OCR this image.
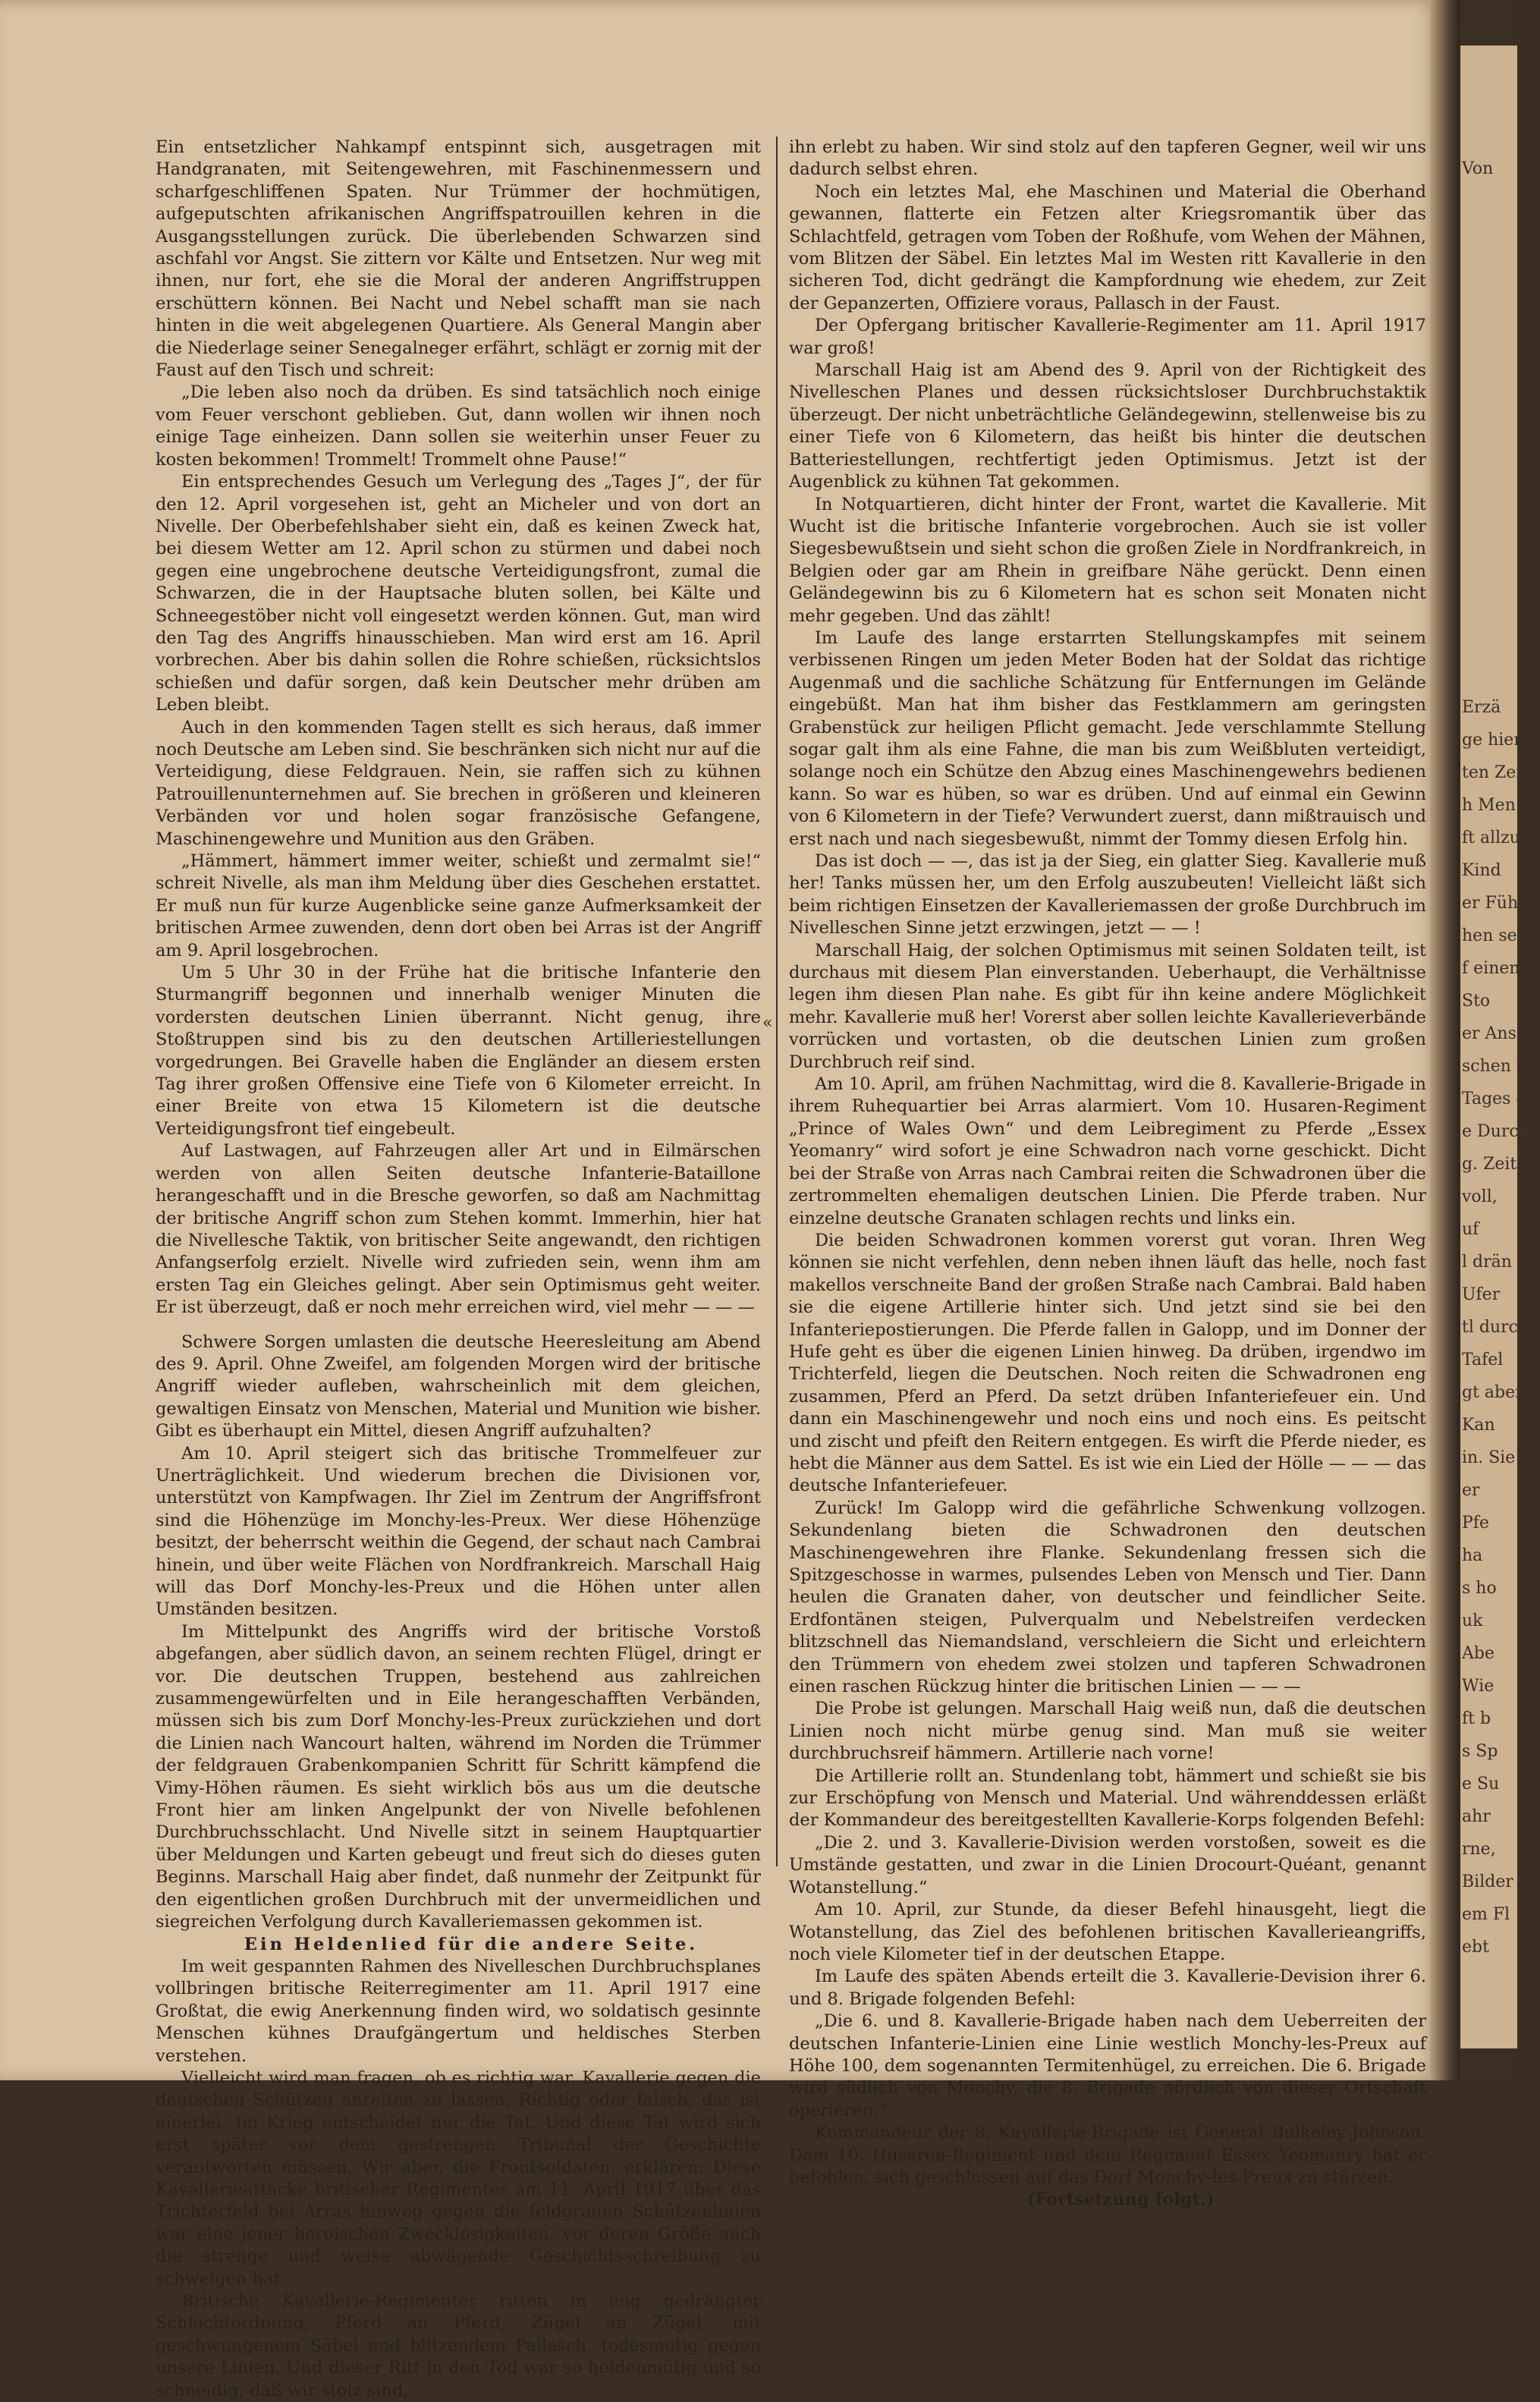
Ein entsetzlicher Nahkampf entspinnt sich, ausgetragen mit Handgranaten, mit Seitengewehren, mit Faschinenmessern und scharfgeschliffenen Spaten. Nur Trümmer der hochmütigen, aufgeputschten afrikanischen Angriffspatrouillen kehren in die Ausgangsstellungen zurück. Die überlebenden Schwarzen sind aschfahl vor Angst. Sie zittern vor Kälte und Entsetzen. Nur weg mit ihnen, nur fort, ehe sie die Moral der anderen Angriffstruppen erschüttern können. Bei Nacht und Nebel schafft man sie nach hinten in die weit abgelegenen Quartiere. Als General Mangin aber die Niederlage seiner Senegalneger erfährt, schlägt er zornig mit der Faust auf den Tisch und schreit:

„Die leben also noch da drüben. Es sind tatsächlich noch einige vom Feuer verschont geblieben. Gut, dann wollen wir ihnen noch einige Tage einheizen. Dann sollen sie weiterhin unser Feuer zu kosten bekommen! Trommelt! Trommelt ohne Pause!“

Ein entsprechendes Gesuch um Verlegung des „Tages J“, der für den 12. April vorgesehen ist, geht an Micheler und von dort an Nivelle. Der Oberbefehlshaber sieht ein, daß es keinen Zweck hat, bei diesem Wetter am 12. April schon zu stürmen und dabei noch gegen eine ungebrochene deutsche Verteidigungsfront, zumal die Schwarzen, die in der Hauptsache bluten sollen, bei Kälte und Schneegestöber nicht voll eingesetzt werden können. Gut, man wird den Tag des Angriffs hinausschieben. Man wird erst am 16. April vorbrechen. Aber bis dahin sollen die Rohre schießen, rücksichtslos schießen und dafür sorgen, daß kein Deutscher mehr drüben am Leben bleibt.

Auch in den kommenden Tagen stellt es sich heraus, daß immer noch Deutsche am Leben sind. Sie beschränken sich nicht nur auf die Verteidigung, diese Feldgrauen. Nein, sie raffen sich zu kühnen Patrouillenunternehmen auf. Sie brechen in größeren und kleineren Verbänden vor und holen sogar französische Gefangene, Maschinengewehre und Munition aus den Gräben.

„Hämmert, hämmert immer weiter, schießt und zermalmt sie!“ schreit Nivelle, als man ihm Meldung über dies Geschehen erstattet. Er muß nun für kurze Augenblicke seine ganze Aufmerksamkeit der britischen Armee zuwenden, denn dort oben bei Arras ist der Angriff am 9. April losgebrochen.

Um 5 Uhr 30 in der Frühe hat die britische Infanterie den Sturmangriff begonnen und innerhalb weniger Minuten die vordersten deutschen Linien überrannt. Nicht genug, ihre Stoßtruppen sind bis zu den deutschen Artilleriestellungen vorgedrungen. Bei Gravelle haben die Engländer an diesem ersten Tag ihrer großen Offensive eine Tiefe von 6 Kilometer erreicht. In einer Breite von etwa 15 Kilometern ist die deutsche Verteidigungsfront tief eingebeult.

Auf Lastwagen, auf Fahrzeugen aller Art und in Eilmärschen werden von allen Seiten deutsche Infanterie-Bataillone herangeschafft und in die Bresche geworfen, so daß am Nachmittag der britische Angriff schon zum Stehen kommt. Immerhin, hier hat die Nivellesche Taktik, von britischer Seite angewandt, den richtigen Anfangserfolg erzielt. Nivelle wird zufrieden sein, wenn ihm am ersten Tag ein Gleiches gelingt. Aber sein Optimismus geht weiter. Er ist überzeugt, daß er noch mehr erreichen wird, viel mehr — — —

Schwere Sorgen umlasten die deutsche Heeresleitung am Abend des 9. April. Ohne Zweifel, am folgenden Morgen wird der britische Angriff wieder aufleben, wahrscheinlich mit dem gleichen, gewaltigen Einsatz von Menschen, Material und Munition wie bisher. Gibt es überhaupt ein Mittel, diesen Angriff aufzuhalten?

Am 10. April steigert sich das britische Trommelfeuer zur Unerträglichkeit. Und wiederum brechen die Divisionen vor, unterstützt von Kampfwagen. Ihr Ziel im Zentrum der Angriffsfront sind die Höhenzüge im Monchy-les-Preux. Wer diese Höhenzüge besitzt, der beherrscht weithin die Gegend, der schaut nach Cambrai hinein, und über weite Flächen von Nordfrankreich. Marschall Haig will das Dorf Monchy-les-Preux und die Höhen unter allen Umständen besitzen.

Im Mittelpunkt des Angriffs wird der britische Vorstoß abgefangen, aber südlich davon, an seinem rechten Flügel, dringt er vor. Die deutschen Truppen, bestehend aus zahlreichen zusammengewürfelten und in Eile herangeschafften Verbänden, müssen sich bis zum Dorf Monchy-les-Preux zurückziehen und dort die Linien nach Wancourt halten, während im Norden die Trümmer der feldgrauen Grabenkompanien Schritt für Schritt kämpfend die Vimy-Höhen räumen. Es sieht wirklich bös aus um die deutsche Front hier am linken Angelpunkt der von Nivelle befohlenen Durchbruchsschlacht. Und Nivelle sitzt in seinem Hauptquartier über Meldungen und Karten gebeugt und freut sich do dieses guten Beginns. Marschall Haig aber findet, daß nunmehr der Zeitpunkt für den eigentlichen großen Durchbruch mit der unvermeidlichen und siegreichen Verfolgung durch Kavalleriemassen gekommen ist.

Ein Heldenlied für die andere Seite.

Im weit gespannten Rahmen des Nivelleschen Durchbruchsplanes vollbringen britische Reiterregimenter am 11. April 1917 eine Großtat, die ewig Anerkennung finden wird, wo soldatisch gesinnte Menschen kühnes Draufgängertum und heldisches Sterben verstehen.

Vielleicht wird man fragen, ob es richtig war, Kavallerie gegen die deutschen Schützen anreiten zu lassen. Richtig oder falsch, das ist einerlei. Im Krieg entscheidet nur die Tat. Und diese Tat wird sich erst später vor dem gestrengen Tribunal der Geschichte verantworten müssen. Wir aber, die Frontsoldaten, erklären: Diese Kavallerieattacke britischer Regimenter am 11. April 1917 über das Trichterfeld bei Arras hinweg gegen die feldgrauen Schützenlinien war eine jener heroischen Zwecklosigkeiten, vor deren Größe auch die strenge und weise abwägende Geschichtsschreibung zu schweigen hat.

Britische Kavallerie-Regimenter ritten in eng gedrängter Schlachtordnung, Pferd an Pferd, Zügel an Zügel, mit geschwungenem Säbel und blitzendem Pallasch, todesmutig gegen unsere Linien. Und dieser Ritt in den Tod war so heldenmütig und so schneidig, daß wir stolz sind,

ihn erlebt zu haben. Wir sind stolz auf den tapferen Gegner, weil wir uns dadurch selbst ehren.

Noch ein letztes Mal, ehe Maschinen und Material die Oberhand gewannen, flatterte ein Fetzen alter Kriegsromantik über das Schlachtfeld, getragen vom Toben der Roßhufe, vom Wehen der Mähnen, vom Blitzen der Säbel. Ein letztes Mal im Westen ritt Kavallerie in den sicheren Tod, dicht gedrängt die Kampfordnung wie ehedem, zur Zeit der Gepanzerten, Offiziere voraus, Pallasch in der Faust.

Der Opfergang britischer Kavallerie-Regimenter am 11. April 1917 war groß!

Marschall Haig ist am Abend des 9. April von der Richtigkeit des Nivelleschen Planes und dessen rücksichtsloser Durchbruchstaktik überzeugt. Der nicht unbeträchtliche Geländegewinn, stellenweise bis zu einer Tiefe von 6 Kilometern, das heißt bis hinter die deutschen Batteriestellungen, rechtfertigt jeden Optimismus. Jetzt ist der Augenblick zu kühnen Tat gekommen.

In Notquartieren, dicht hinter der Front, wartet die Kavallerie. Mit Wucht ist die britische Infanterie vorgebrochen. Auch sie ist voller Siegesbewußtsein und sieht schon die großen Ziele in Nordfrankreich, in Belgien oder gar am Rhein in greifbare Nähe gerückt. Denn einen Geländegewinn bis zu 6 Kilometern hat es schon seit Monaten nicht mehr gegeben. Und das zählt!

Im Laufe des lange erstarrten Stellungskampfes mit seinem verbissenen Ringen um jeden Meter Boden hat der Soldat das richtige Augenmaß und die sachliche Schätzung für Entfernungen im Gelände eingebüßt. Man hat ihm bisher das Festklammern am geringsten Grabenstück zur heiligen Pflicht gemacht. Jede verschlammte Stellung sogar galt ihm als eine Fahne, die man bis zum Weißbluten verteidigt, solange noch ein Schütze den Abzug eines Maschinengewehrs bedienen kann. So war es hüben, so war es drüben. Und auf einmal ein Gewinn von 6 Kilometern in der Tiefe? Verwundert zuerst, dann mißtrauisch und erst nach und nach siegesbewußt, nimmt der Tommy diesen Erfolg hin.

Das ist doch — —, das ist ja der Sieg, ein glatter Sieg. Kavallerie muß her! Tanks müssen her, um den Erfolg auszubeuten! Vielleicht läßt sich beim richtigen Einsetzen der Kavalleriemassen der große Durchbruch im Nivelleschen Sinne jetzt erzwingen, jetzt — — !

Marschall Haig, der solchen Optimismus mit seinen Soldaten teilt, ist durchaus mit diesem Plan einverstanden. Ueberhaupt, die Verhältnisse legen ihm diesen Plan nahe. Es gibt für ihn keine andere Möglichkeit mehr. Kavallerie muß her! Vorerst aber sollen leichte Kavallerieverbände vorrücken und vortasten, ob die deutschen Linien zum großen Durchbruch reif sind.

Am 10. April, am frühen Nachmittag, wird die 8. Kavallerie-Brigade in ihrem Ruhequartier bei Arras alarmiert. Vom 10. Husaren-Regiment „Prince of Wales Own“ und dem Leibregiment zu Pferde „Essex Yeomanry“ wird sofort je eine Schwadron nach vorne geschickt. Dicht bei der Straße von Arras nach Cambrai reiten die Schwadronen über die zertrommelten ehemaligen deutschen Linien. Die Pferde traben. Nur einzelne deutsche Granaten schlagen rechts und links ein.

Die beiden Schwadronen kommen vorerst gut voran. Ihren Weg können sie nicht verfehlen, denn neben ihnen läuft das helle, noch fast makellos verschneite Band der großen Straße nach Cambrai. Bald haben sie die eigene Artillerie hinter sich. Und jetzt sind sie bei den Infanteriepostierungen. Die Pferde fallen in Galopp, und im Donner der Hufe geht es über die eigenen Linien hinweg. Da drüben, irgendwo im Trichterfeld, liegen die Deutschen. Noch reiten die Schwadronen eng zusammen, Pferd an Pferd. Da setzt drüben Infanteriefeuer ein. Und dann ein Maschinengewehr und noch eins und noch eins. Es peitscht und zischt und pfeift den Reitern entgegen. Es wirft die Pferde nieder, es hebt die Männer aus dem Sattel. Es ist wie ein Lied der Hölle — — — das deutsche Infanteriefeuer.

Zurück! Im Galopp wird die gefährliche Schwenkung vollzogen. Sekundenlang bieten die Schwadronen den deutschen Maschinengewehren ihre Flanke. Sekundenlang fressen sich die Spitzgeschosse in warmes, pulsendes Leben von Mensch und Tier. Dann heulen die Granaten daher, von deutscher und feindlicher Seite. Erdfontänen steigen, Pulverqualm und Nebelstreifen verdecken blitzschnell das Niemandsland, verschleiern die Sicht und erleichtern den Trümmern von ehedem zwei stolzen und tapferen Schwadronen einen raschen Rückzug hinter die britischen Linien — — —

Die Probe ist gelungen. Marschall Haig weiß nun, daß die deutschen Linien noch nicht mürbe genug sind. Man muß sie weiter durchbruchsreif hämmern. Artillerie nach vorne!

Die Artillerie rollt an. Stundenlang tobt, hämmert und schießt sie bis zur Erschöpfung von Mensch und Material. Und währenddessen erläßt der Kommandeur des bereitgestellten Kavallerie-Korps folgenden Befehl:

„Die 2. und 3. Kavallerie-Division werden vorstoßen, soweit es die Umstände gestatten, und zwar in die Linien Drocourt-Quéant, genannt Wotanstellung.“

Am 10. April, zur Stunde, da dieser Befehl hinausgeht, liegt die Wotanstellung, das Ziel des befohlenen britischen Kavallerieangriffs, noch viele Kilometer tief in der deutschen Etappe.

Im Laufe des späten Abends erteilt die 3. Kavallerie-Devision ihrer 6. und 8. Brigade folgenden Befehl:

„Die 6. und 8. Kavallerie-Brigade haben nach dem Ueberreiten der deutschen Infanterie-Linien eine Linie westlich Monchy-les-Preux auf Höhe 100, dem sogenannten Termitenhügel, zu erreichen. Die 6. Brigade wird südlich von Monchy, die 8. Brigade nördlich von dieser Ortschaft operieren.“

Kommandeur der 8. Kavallerie-Brigade ist General Bulkeley-Johnson. Dem 10. Husaren-Regiment und dem Regiment Essex Yeomanry hat er befohlen, sich geschlossen auf das Dorf Monchy-les-Preux zu stürzen.

(Fortsetzung folgt.)

«
Von
Erzä
ge hier
ten Zeit
h Men
ft allzu
Kind
er Füh
hen sein
f einen
Sto
er Ansch
schen u
Tages er
e Durchb
g. Zeit
voll,
uf
l drän
Ufer
tl durch
Tafel
gt aber
Kan
in. Sie
er
Pfe
ha
s ho
uk
Abe
Wie
ft b
s Sp
e Su
ahr
rne,
Bilder
em Fl
ebt
